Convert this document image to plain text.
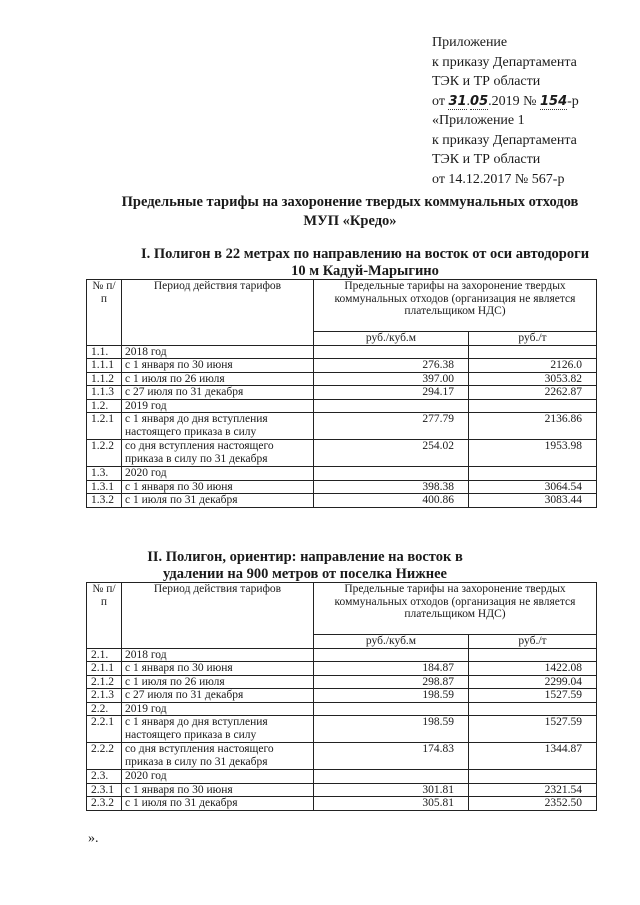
Приложение
к приказу Департамента
ТЭК и ТР области
от 31.05.2019 № 154-р
«Приложение 1
к приказу Департамента
ТЭК и ТР области
от 14.12.2017 № 567-р
Предельные тарифы на захоронение твердых коммунальных отходов
МУП «Кредо»
I. Полигон в 22 метрах по направлению на восток от оси автодороги
10 м Кадуй-Марыгино
№ п/п	Период действия тарифов	Предельные тарифы на захоронение твердых коммунальных отходов (организация не является плательщиком НДС)	
		руб./куб.м	руб./т
1.1.	2018 год		
1.1.1	с 1 января по 30 июня	276.38	2126.0
1.1.2	с 1 июля по 26 июля	397.00	3053.82
1.1.3	с 27 июля по 31 декабря	294.17	2262.87
1.2.	2019 год		
1.2.1	с 1 января до дня вступления настоящего приказа в силу	277.79	2136.86
1.2.2	со дня вступления настоящего приказа в силу по 31 декабря	254.02	1953.98
1.3.	2020 год		
1.3.1	с 1 января по 30 июня	398.38	3064.54
1.3.2	с 1 июля по 31 декабря	400.86	3083.44
II. Полигон, ориентир: направление на восток в
удалении на 900 метров от поселка Нижнее
№ п/п	Период действия тарифов	Предельные тарифы на захоронение твердых коммунальных отходов (организация не является плательщиком НДС)	
		руб./куб.м	руб./т
2.1.	2018 год		
2.1.1	с 1 января по 30 июня	184.87	1422.08
2.1.2	с 1 июля по 26 июля	298.87	2299.04
2.1.3	с 27 июля по 31 декабря	198.59	1527.59
2.2.	2019 год		
2.2.1	с 1 января до дня вступления настоящего приказа в силу	198.59	1527.59
2.2.2	со дня вступления настоящего приказа в силу по 31 декабря	174.83	1344.87
2.3.	2020 год		
2.3.1	с 1 января по 30 июня	301.81	2321.54
2.3.2	с 1 июля по 31 декабря	305.81	2352.50
».
